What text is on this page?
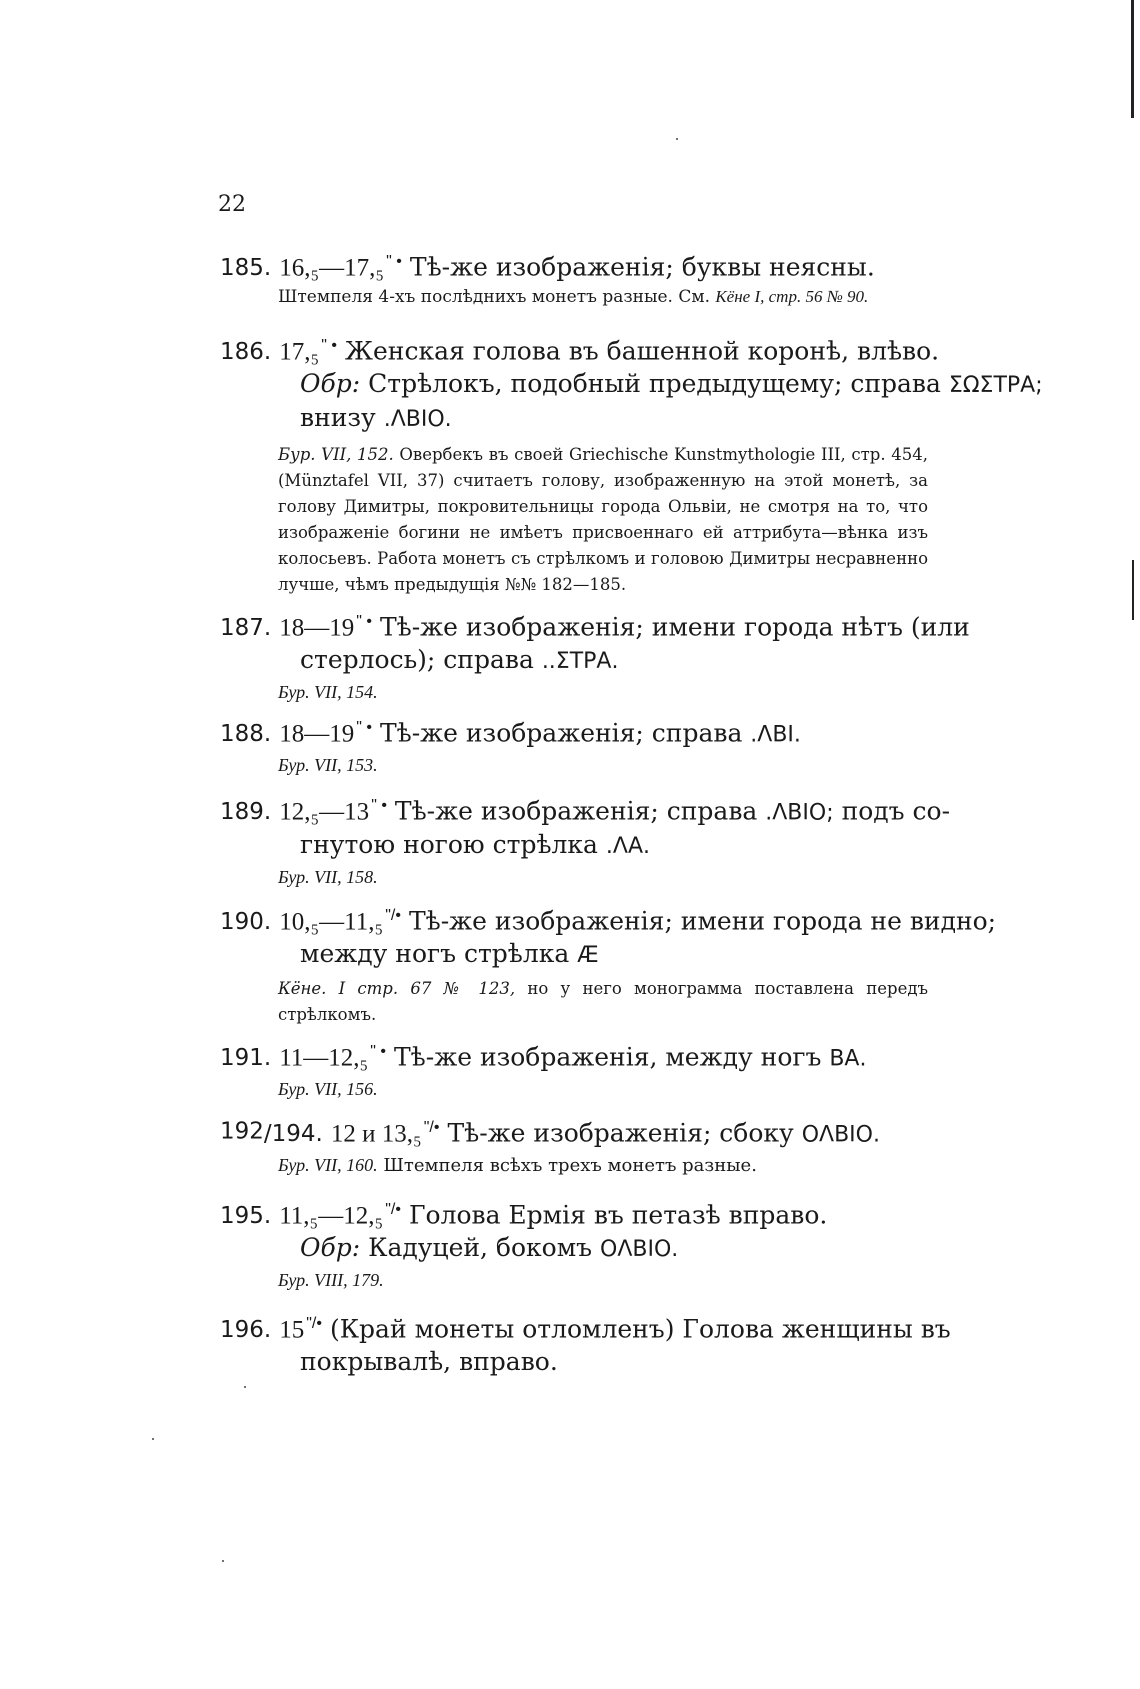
22
185. 16,₅—17,₅ " • Тѣ-же изображенія; буквы неясны.
Штемпеля 4-хъ послѣднихъ монетъ разные. См. Кёне I, стр. 56 № 90.
186. 17,₅ " • Женская голова въ башенной коронѣ, влѣво.
Обр: Стрѣлокъ, подобный предыдущему; справа ΣΩΣΤΡΑ;
внизу .ΛΒΙΟ.
Бур. VII, 152. Овербекъ въ своей Griechische Kunstmythologie III, стр. 454, (Münztafel VII, 37) считаетъ голову, изображенную на этой монетѣ, за голову Димитры, покровительницы города Ольвіи, не смотря на то, что изображеніе богини не имѣетъ присвоеннаго ей аттрибута—вѣнка изъ колосьевъ. Работа монетъ съ стрѣлкомъ и головою Димитры несравненно лучше, чѣмъ предыдущія №№ 182—185.
187. 18—19 " • Тѣ-же изображенія; имени города нѣтъ (или
стерлось); справа ..ΣΤΡΑ.
Бур. VII, 154.
188. 18—19 " • Тѣ-же изображенія; справа .ΛΒΙ.
Бур. VII, 153.
189. 12,₅—13 " • Тѣ-же изображенія; справа .ΛΒΙΟ; подъ со-
гнутою ногою стрѣлка .ΛΑ.
Бур. VII, 158.
190. 10,₅—11,₅ "/• Тѣ-же изображенія; имени города не видно;
между ногъ стрѣлка Æ
Кёне. I стр. 67 № 123, но у него монограмма поставлена передъ стрѣлкомъ.
191. 11—12,₅ " • Тѣ-же изображенія, между ногъ ΒΑ.
Бур. VII, 156.
192/194. 12 и 13,₅ "/• Тѣ-же изображенія; сбоку ΟΛΒΙΟ.
Бур. VII, 160. Штемпеля всѣхъ трехъ монетъ разные.
195. 11,₅—12,₅ "/• Голова Ермія въ петазѣ вправо.
Обр: Кадуцей, бокомъ ΟΛΒΙΟ.
Бур. VIII, 179.
196. 15 "/• (Край монеты отломленъ) Голова женщины въ
покрывалѣ, вправо.
